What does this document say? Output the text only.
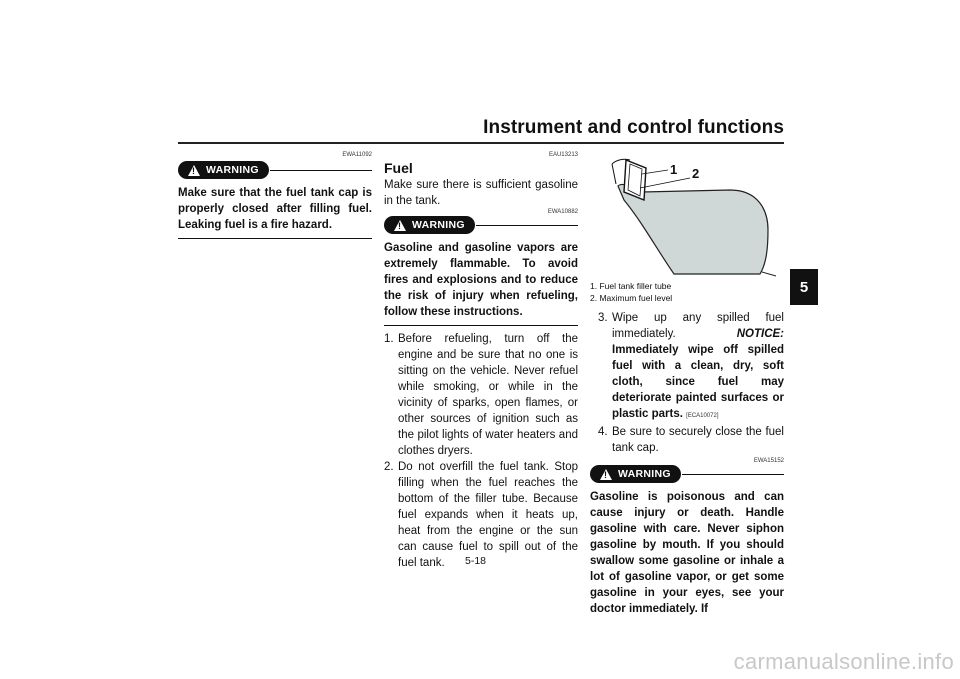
Instrument and control functions
5
EWA11092
!
WARNING
Make sure that the fuel tank cap is properly closed after filling fuel. Leaking fuel is a fire hazard.
EAU13213
Fuel
Make sure there is sufficient gasoline in the tank.
EWA10882
!
WARNING
Gasoline and gasoline vapors are extremely flammable. To avoid fires and explosions and to reduce the risk of injury when refueling, follow these instructions.
1. Before refueling, turn off the engine and be sure that no one is sitting on the vehicle. Never refuel while smoking, or while in the vicinity of sparks, open flames, or other sources of ignition such as the pilot lights of water heaters and clothes dryers.
2. Do not overfill the fuel tank. Stop filling when the fuel reaches the bottom of the filler tube. Because fuel expands when it heats up, heat from the engine or the sun can cause fuel to spill out of the fuel tank.
1 2
1. Fuel tank filler tube
2. Maximum fuel level
3. Wipe up any spilled fuel immediately.	NOTICE: Immediately wipe off spilled fuel with a clean, dry, soft cloth, since fuel may deteriorate painted surfaces or plastic parts. [ECA10072]
4. Be sure to securely close the fuel tank cap.
EWA15152
!
WARNING
Gasoline is poisonous and can cause injury or death. Handle gasoline with care. Never siphon gasoline by mouth. If you should swallow some gasoline or inhale a lot of gasoline vapor, or get some gasoline in your eyes, see your doctor immediately. If
5-18
carmanualsonline.info
